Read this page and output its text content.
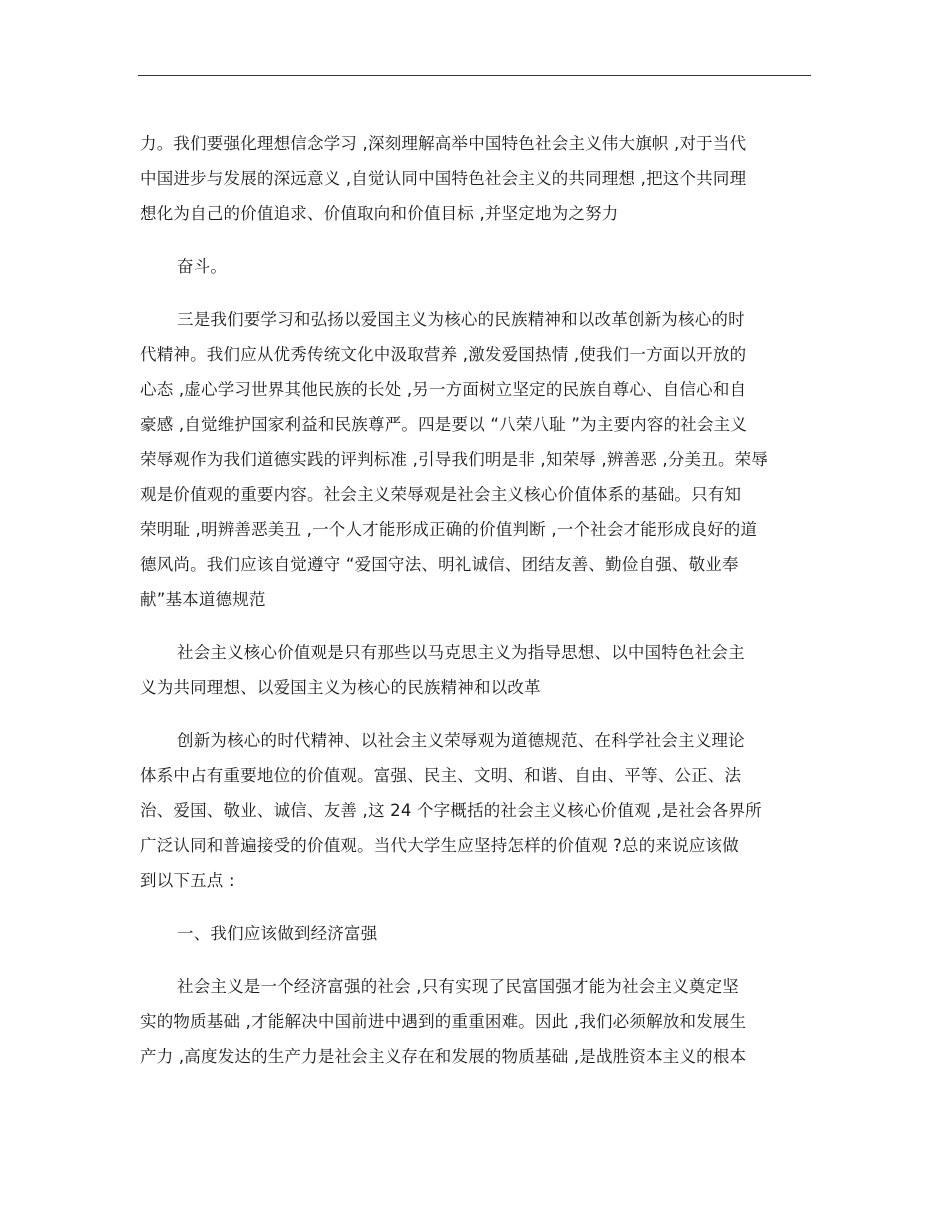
力。我们要强化理想信念学习 ,深刻理解高举中国特色社会主义伟大旗帜 ,对于当代
中国进步与发展的深远意义 ,自觉认同中国特色社会主义的共同理想 ,把这个共同理
想化为自己的价值追求、价值取向和价值目标 ,并坚定地为之努力
奋斗。
三是我们要学习和弘扬以爱国主义为核心的民族精神和以改革创新为核心的时
代精神。我们应从优秀传统文化中汲取营养 ,激发爱国热情 ,使我们一方面以开放的
心态 ,虚心学习世界其他民族的长处 ,另一方面树立坚定的民族自尊心、自信心和自
豪感 ,自觉维护国家利益和民族尊严。四是要以 “八荣八耻 ”为主要内容的社会主义
荣辱观作为我们道德实践的评判标准 ,引导我们明是非 ,知荣辱 ,辨善恶 ,分美丑。荣辱
观是价值观的重要内容。社会主义荣辱观是社会主义核心价值体系的基础。只有知
荣明耻 ,明辨善恶美丑 ,一个人才能形成正确的价值判断 ,一个社会才能形成良好的道
德风尚。我们应该自觉遵守 “爱国守法、明礼诚信、团结友善、勤俭自强、敬业奉
献”基本道德规范
社会主义核心价值观是只有那些以马克思主义为指导思想、以中国特色社会主
义为共同理想、以爱国主义为核心的民族精神和以改革
创新为核心的时代精神、以社会主义荣辱观为道德规范、在科学社会主义理论
体系中占有重要地位的价值观。富强、民主、文明、和谐、自由、平等、公正、法
治、爱国、敬业、诚信、友善 ,这 24 个字概括的社会主义核心价值观 ,是社会各界所
广泛认同和普遍接受的价值观。当代大学生应坚持怎样的价值观 ?总的来说应该做
到以下五点 :
一、我们应该做到经济富强
社会主义是一个经济富强的社会 ,只有实现了民富国强才能为社会主义奠定坚
实的物质基础 ,才能解决中国前进中遇到的重重困难。因此 ,我们必须解放和发展生
产力 ,高度发达的生产力是社会主义存在和发展的物质基础 ,是战胜资本主义的根本
